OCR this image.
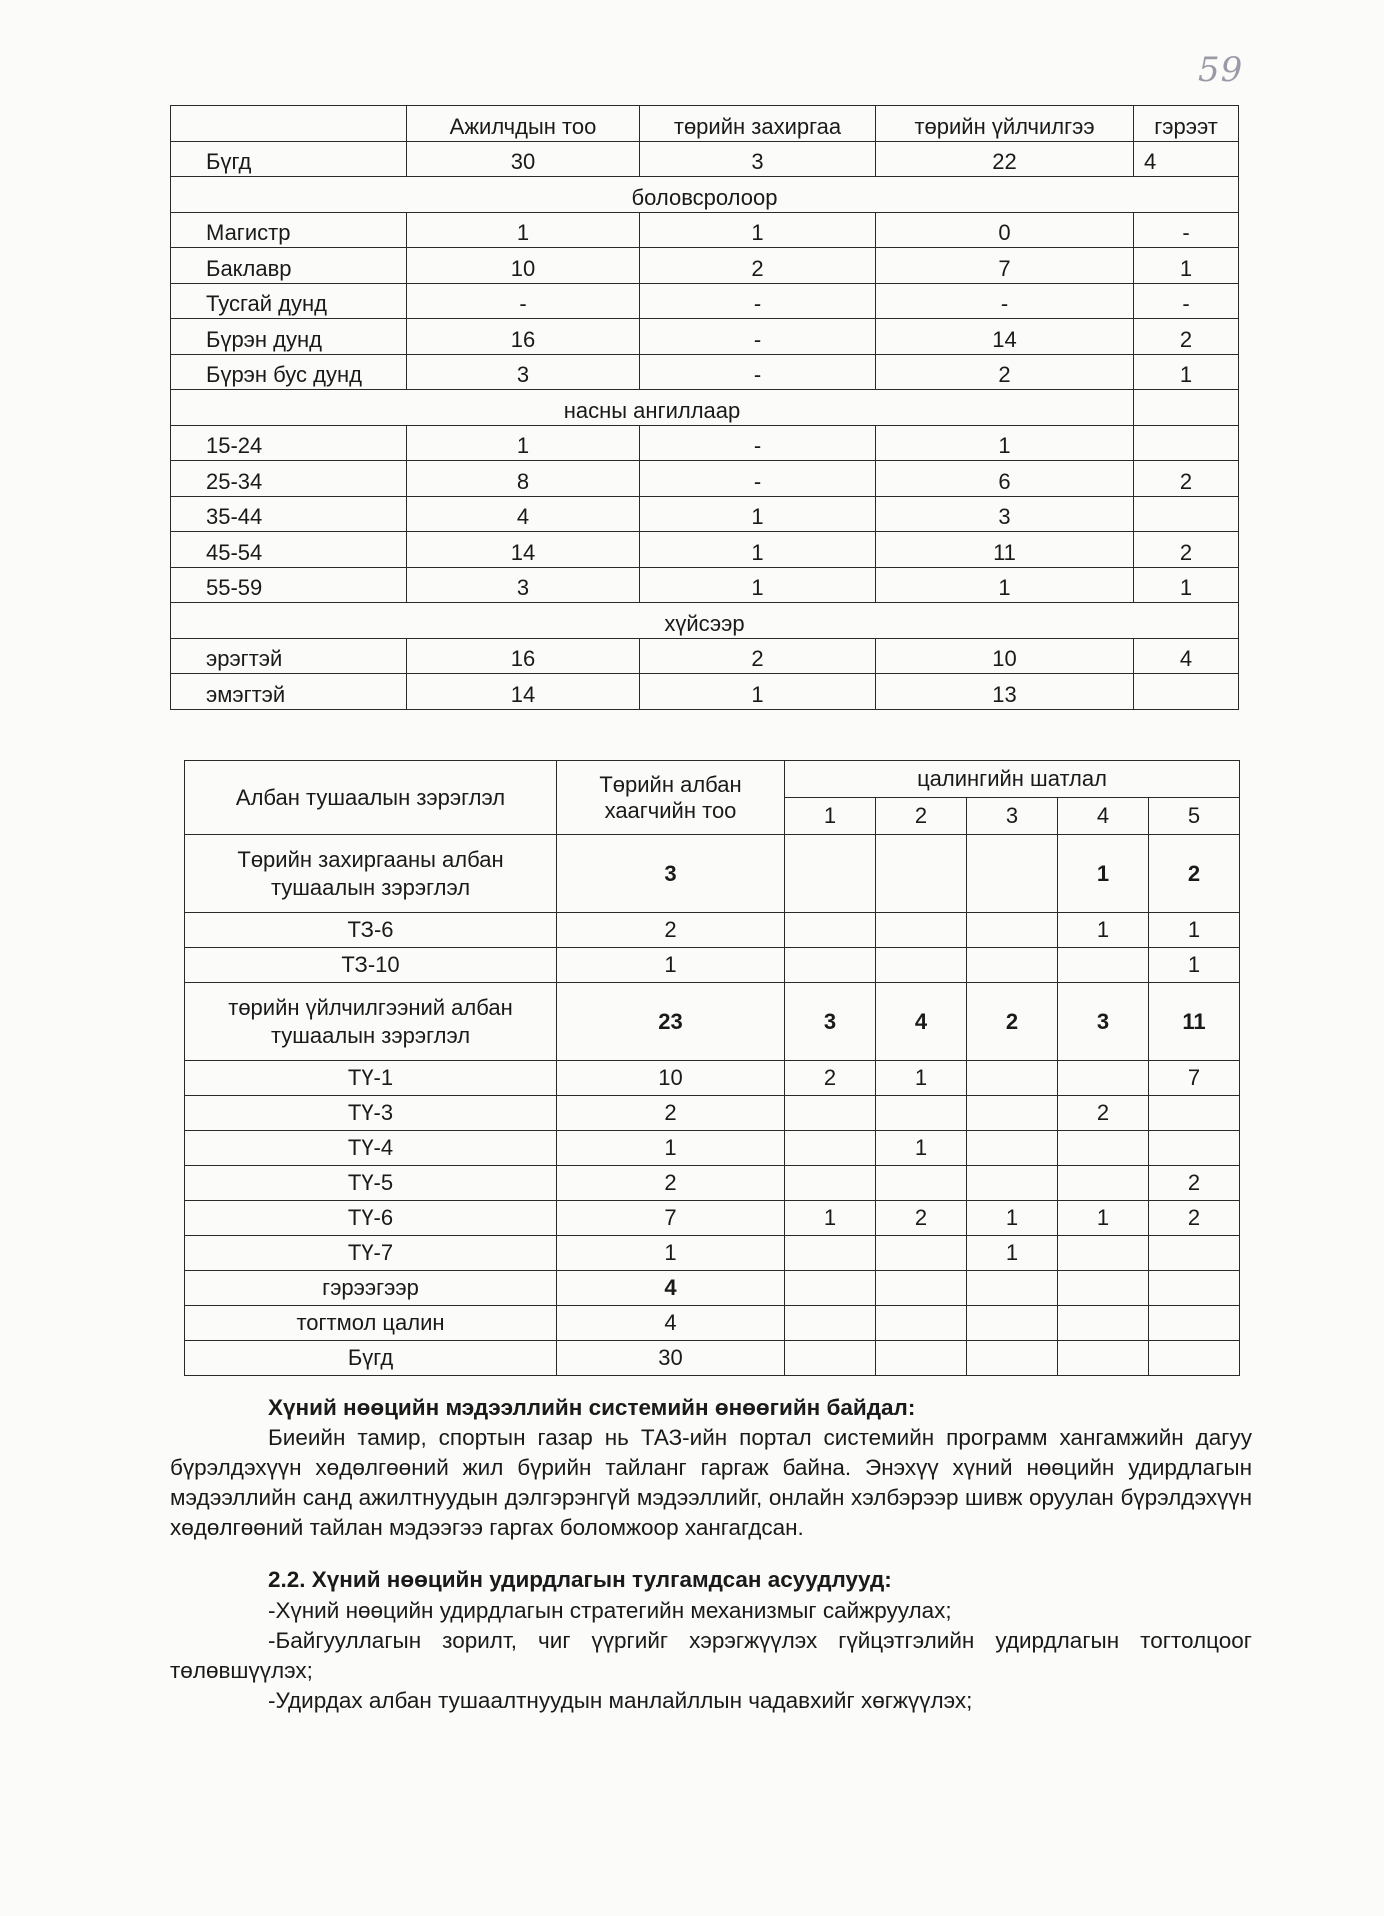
59
	Ажилчдын тоо	төрийн захиргаа	төрийн үйлчилгээ	гэрээт
Бүгд	30	3	22	4
боловсролоор				
Магистр	1	1	0	-
Баклавр	10	2	7	1
Тусгай дунд	-	-	-	-
Бүрэн дунд	16	-	14	2
Бүрэн бус дунд	3	-	2	1
насны ангиллаар				
15-24	1	-	1	
25-34	8	-	6	2
35-44	4	1	3	
45-54	14	1	11	2
55-59	3	1	1	1
хүйсээр				
эрэгтэй	16	2	10	4
эмэгтэй	14	1	13	
Албан тушаалын зэрэглэл	Төрийн албан хаагчийн тоо	цалингийн шатлал				
		1	2	3	4	5
Төрийн захиргааны албан тушаалын зэрэглэл	3				1	2
ТЗ-6	2				1	1
ТЗ-10	1					1
төрийн үйлчилгээний албан тушаалын зэрэглэл	23	3	4	2	3	11
ТҮ-1	10	2	1			7
ТҮ-3	2				2	
ТҮ-4	1		1			
ТҮ-5	2					2
ТҮ-6	7	1	2	1	1	2
ТҮ-7	1			1		
гэрээгээр	4					
тогтмол цалин	4					
Бүгд	30					

Хүний нөөцийн мэдээллийн системийн өнөөгийн байдал:

Биеийн тамир, спортын газар нь ТАЗ-ийн портал системийн программ хангамжийн дагуу бүрэлдэхүүн хөдөлгөөний жил бүрийн тайланг гаргаж байна. Энэхүү хүний нөөцийн удирдлагын мэдээллийн санд ажилтнуудын дэлгэрэнгүй мэдээллийг, онлайн хэлбэрээр шивж оруулан бүрэлдэхүүн хөдөлгөөний тайлан мэдээгээ гаргах боломжоор хангагдсан.

2.2. Хүний нөөцийн удирдлагын тулгамдсан асуудлууд:

-Хүний нөөцийн удирдлагын стратегийн механизмыг сайжруулах;

-Байгууллагын зорилт, чиг үүргийг хэрэгжүүлэх гүйцэтгэлийн удирдлагын тогтолцоог төлөвшүүлэх;

-Удирдах албан тушаалтнуудын манлайллын чадавхийг хөгжүүлэх;
